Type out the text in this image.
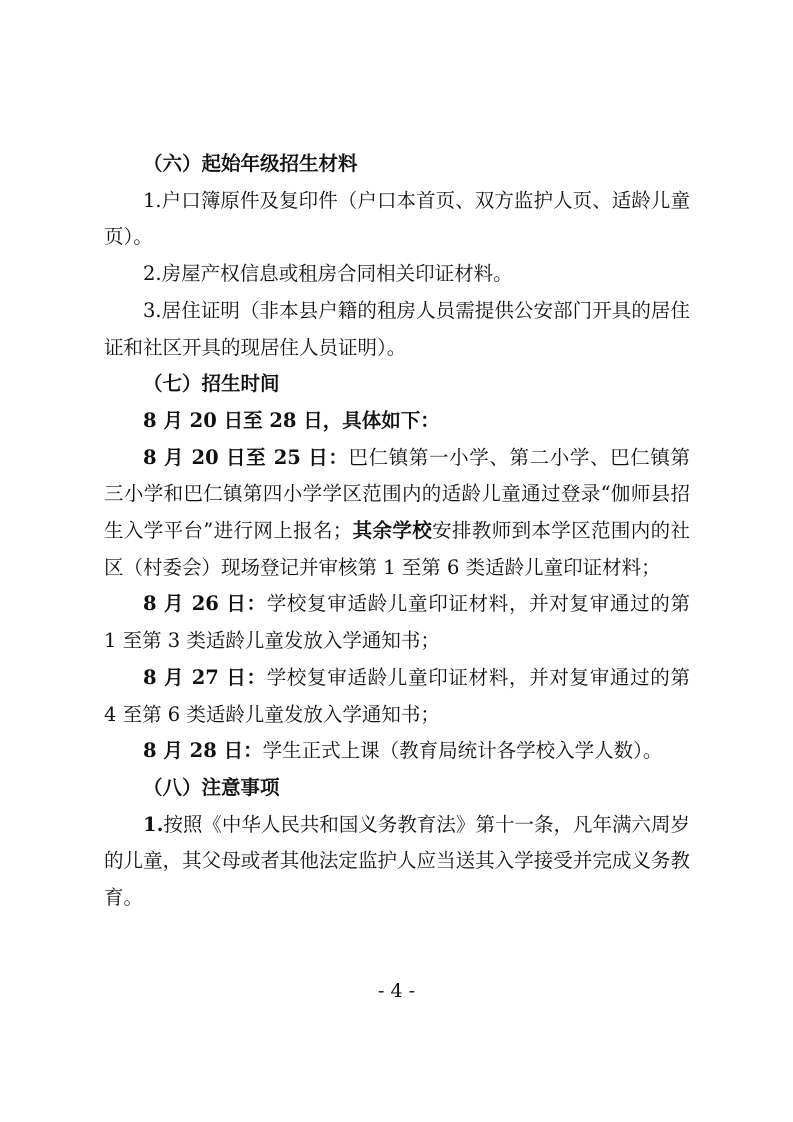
（六）起始年级招生材料

1.户口簿原件及复印件（户口本首页、双方监护人页、适龄儿童页）。

2.房屋产权信息或租房合同相关印证材料。

3.居住证明（非本县户籍的租房人员需提供公安部门开具的居住证和社区开具的现居住人员证明）。

（七）招生时间

8 月 20 日至 28 日，具体如下：

8 月 20 日至 25 日：巴仁镇第一小学、第二小学、巴仁镇第三小学和巴仁镇第四小学学区范围内的适龄儿童通过登录“伽师县招生入学平台”进行网上报名；其余学校安排教师到本学区范围内的社区（村委会）现场登记并审核第 1 至第 6 类适龄儿童印证材料；

8 月 26 日：学校复审适龄儿童印证材料，并对复审通过的第 1 至第 3 类适龄儿童发放入学通知书；

8 月 27 日：学校复审适龄儿童印证材料，并对复审通过的第 4 至第 6 类适龄儿童发放入学通知书；

8 月 28 日：学生正式上课（教育局统计各学校入学人数）。

（八）注意事项

1.按照《中华人民共和国义务教育法》第十一条，凡年满六周岁的儿童，其父母或者其他法定监护人应当送其入学接受并完成义务教育。

- 4 -
